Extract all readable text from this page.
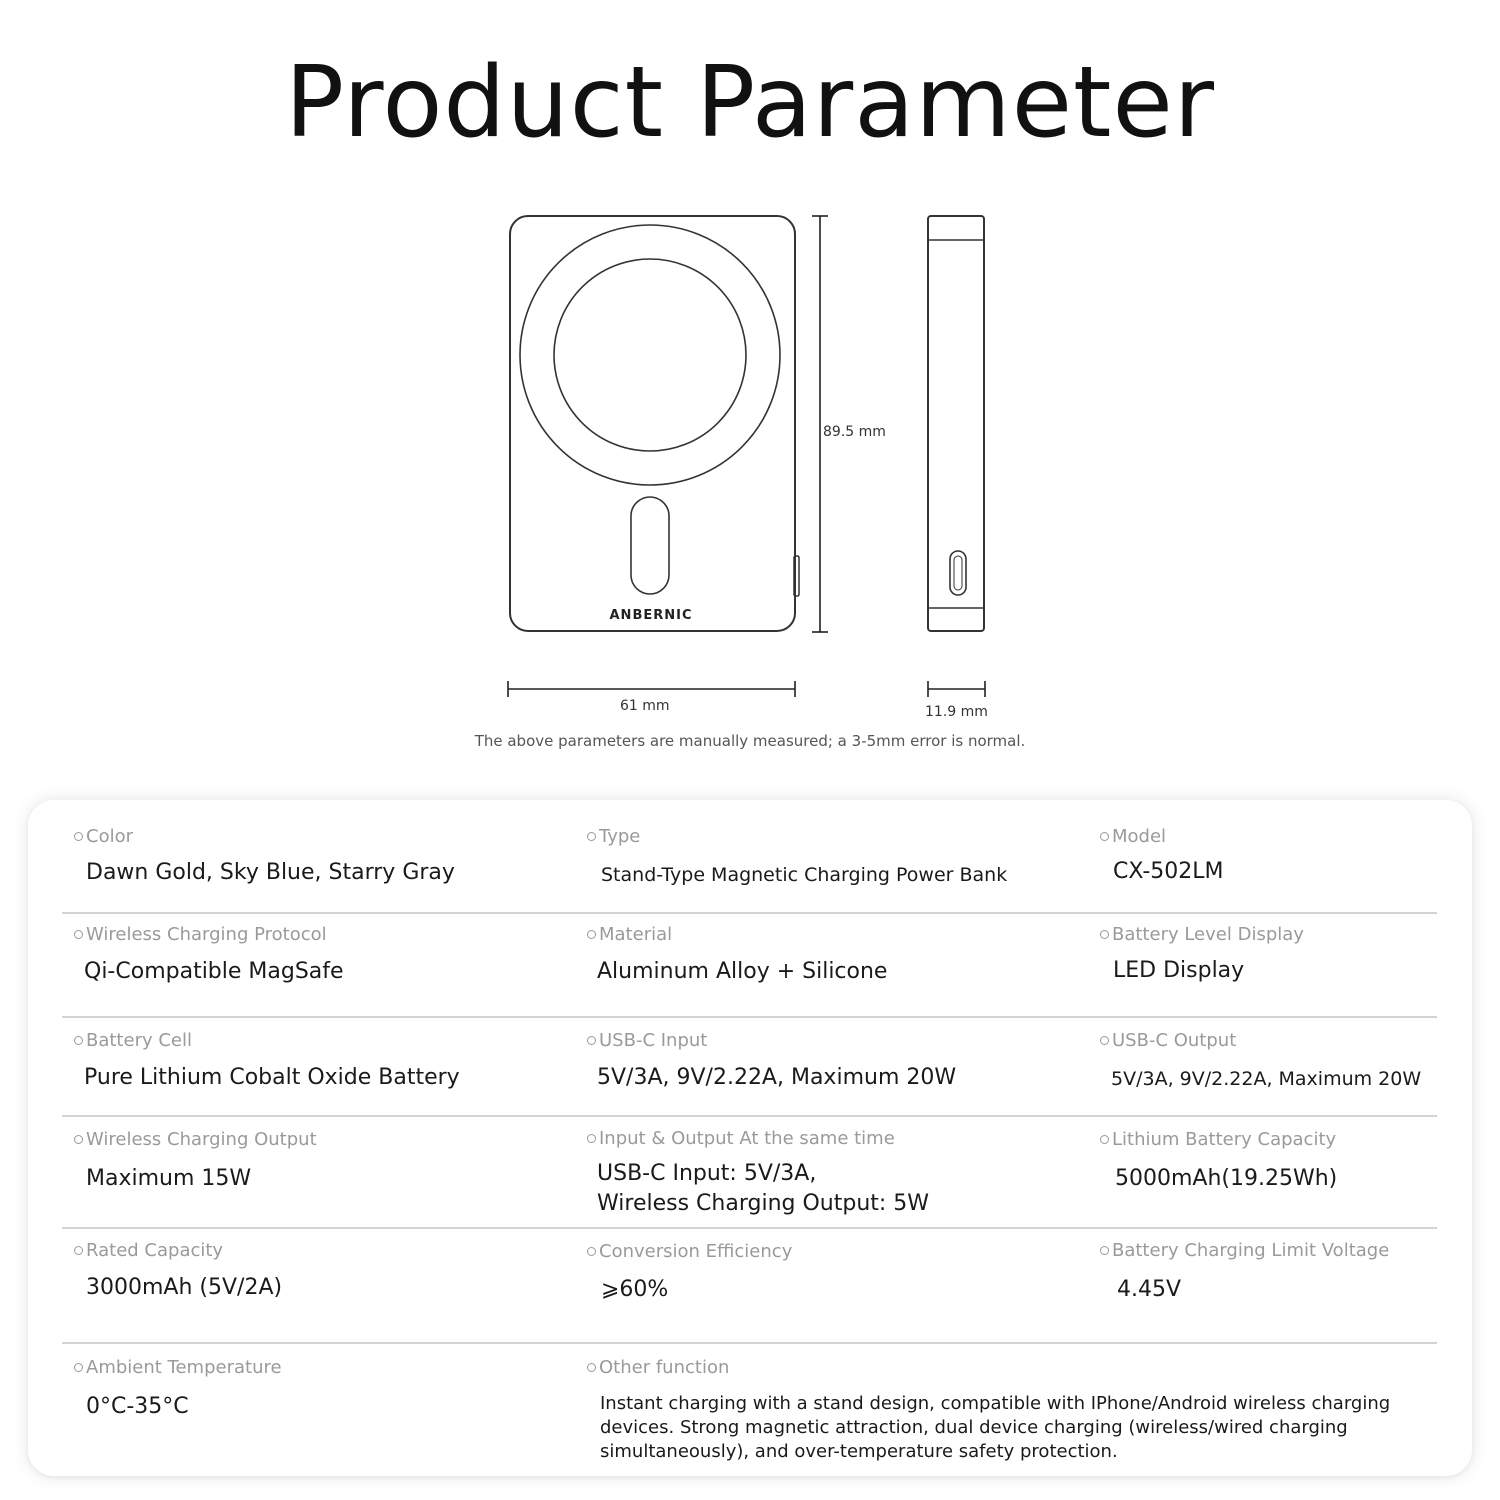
Product Parameter
ANBERNIC
89.5 mm
61 mm	11.9 mm
The above parameters are manually measured; a 3-5mm error is normal.
Color
Dawn Gold, Sky Blue, Starry Gray
Type
Stand-Type Magnetic Charging Power Bank
Model
CX-502LM
Wireless Charging Protocol
Qi-Compatible MagSafe
Material
Aluminum Alloy + Silicone
Battery Level Display
LED Display
Battery Cell
Pure Lithium Cobalt Oxide Battery
USB-C Input
5V/3A, 9V/2.22A, Maximum 20W
USB-C Output
5V/3A, 9V/2.22A, Maximum 20W
Wireless Charging Output
Maximum 15W
Input & Output At the same time
USB-C Input: 5V/3A,
Wireless Charging Output: 5W
Lithium Battery Capacity
5000mAh(19.25Wh)
Rated Capacity
3000mAh (5V/2A)
Conversion Efficiency
⩾60%
Battery Charging Limit Voltage
4.45V
Ambient Temperature
0°C-35°C
Other function
Instant charging with a stand design, compatible with IPhone/Android wireless charging devices. Strong magnetic attraction, dual device charging (wireless/wired charging simultaneously), and over-temperature safety protection.
